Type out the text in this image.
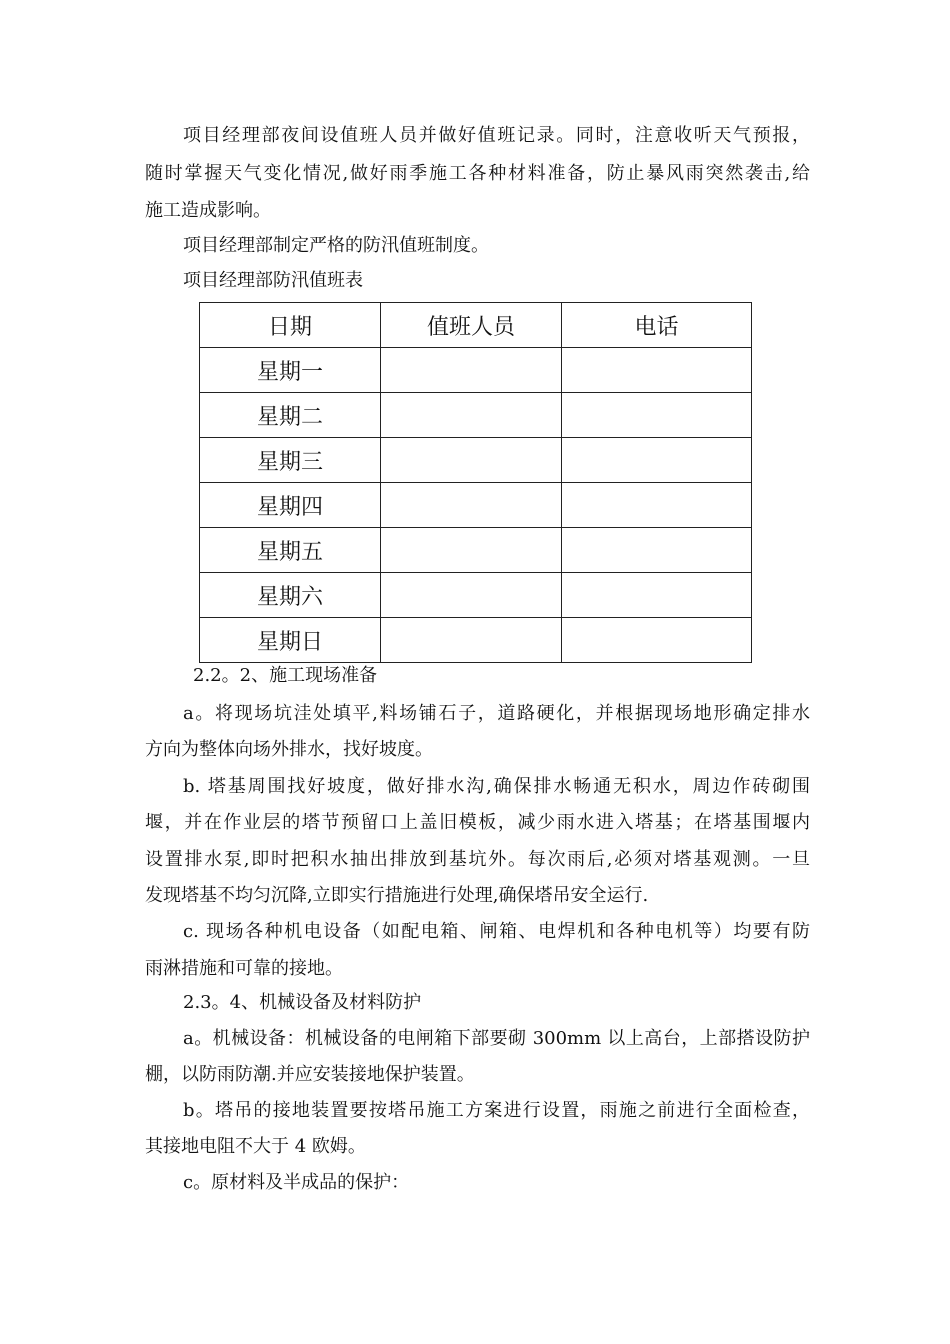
项目经理部夜间设值班人员并做好值班记录。同时，注意收听天气预报，
随时掌握天气变化情况,做好雨季施工各种材料准备，防止暴风雨突然袭击,给
施工造成影响。
项目经理部制定严格的防汛值班制度。
项目经理部防汛值班表
日期	值班人员	电话
星期一		
星期二		
星期三		
星期四		
星期五		
星期六		
星期日		
2.2。2、施工现场准备
a。将现场坑洼处填平,料场铺石子，道路硬化，并根据现场地形确定排水
方向为整体向场外排水，找好坡度。
b. 塔基周围找好坡度，做好排水沟,确保排水畅通无积水，周边作砖砌围
堰，并在作业层的塔节预留口上盖旧模板，减少雨水进入塔基；在塔基围堰内
设置排水泵,即时把积水抽出排放到基坑外。每次雨后,必须对塔基观测。一旦
发现塔基不均匀沉降,立即实行措施进行处理,确保塔吊安全运行.
c. 现场各种机电设备（如配电箱、闸箱、电焊机和各种电机等）均要有防
雨淋措施和可靠的接地。
2.3。4、机械设备及材料防护
a。机械设备：机械设备的电闸箱下部要砌 300mm 以上高台，上部搭设防护
棚，以防雨防潮.并应安装接地保护装置。
b。塔吊的接地装置要按塔吊施工方案进行设置，雨施之前进行全面检查，
其接地电阻不大于 4 欧姆。
c。原材料及半成品的保护：
